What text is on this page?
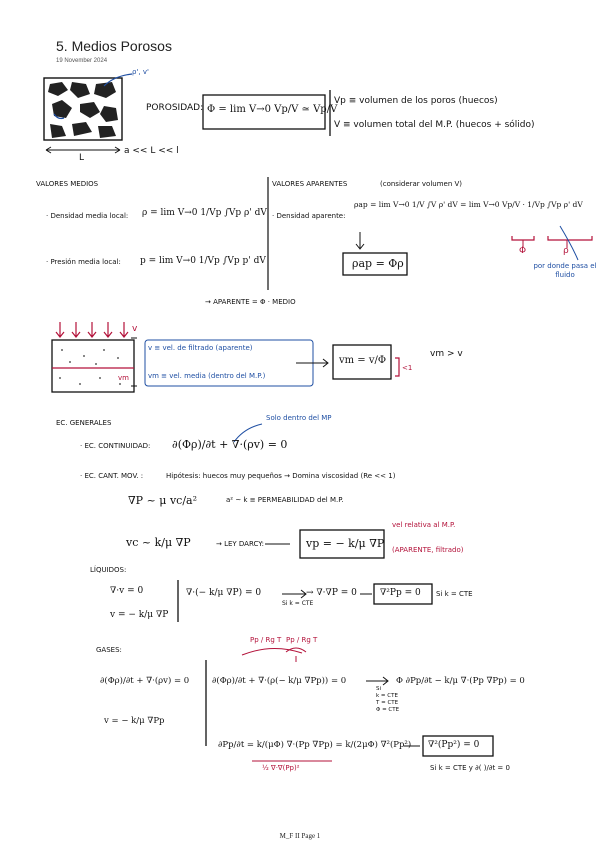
5. Medios Porosos
19 November 2024
ρ', v'
L
a << L << l
POROSIDAD: Φ = lim V→0 Vp/V ≃ Vp/V
Vp ≡ volumen de los poros (huecos)
V ≡ volumen total del M.P. (huecos + sólido)
VALORES MEDIOS	VALORES APARENTES	(considerar volumen V)
· Densidad media local: ρ = lim V→0 1/Vp ∫Vp ρ' dV
· Presión media local: p = lim V→0 1/Vp ∫Vp p' dV
· Densidad aparente:
ρap = lim V→0 1/V ∫V ρ' dV = lim V→0 Vp/V · 1/Vp ∫Vp ρ' dV
ρap = Φρ
Φ	ρ
por donde pasa el fluido
→ APARENTE = Φ · MEDIO
v
vm
v ≡ vel. de filtrado (aparente)
vm ≡ vel. media (dentro del M.P.)
vm = v/Φ
<1
vm > v
EC. GENERALES
Solo dentro del MP
· EC. CONTINUIDAD: ∂(Φρ)/∂t + ∇·(ρv) = 0
· EC. CANT. MOV. :	Hipótesis: huecos muy pequeños → Domina viscosidad (Re << 1)
∇P ~ μ vc/a²	a² ~ k ≡ PERMEABILIDAD del M.P.
vc ~ k/μ ∇P	→ LEY DARCY:	vp = − k/μ ∇P
vel relativa al M.P.
(APARENTE, filtrado)
LÍQUIDOS:
∇·v = 0
v = − k/μ ∇P
∇·(− k/μ ∇P) = 0
Si k = CTE
→ ∇·∇P = 0	∇²Pp = 0 Si k = CTE
GASES:
Pp / Rg T Pp / Rg T
∂(Φρ)/∂t + ∇·(ρv) = 0
v = − k/μ ∇Pp
∂(Φρ)/∂t + ∇·(ρ(− k/μ ∇Pp)) = 0
Si
k = CTE
T = CTE
Φ = CTE
Φ ∂Pp/∂t − k/μ ∇·(Pp ∇Pp) = 0
∂Pp/∂t = k/(μΦ) ∇·(Pp ∇Pp) = k/(2μΦ) ∇²(Pp²)
½ ∇·∇(Pp)²
∇²(Pp²) = 0
Si k = CTE y ∂( )/∂t = 0
M_F II Page 1
